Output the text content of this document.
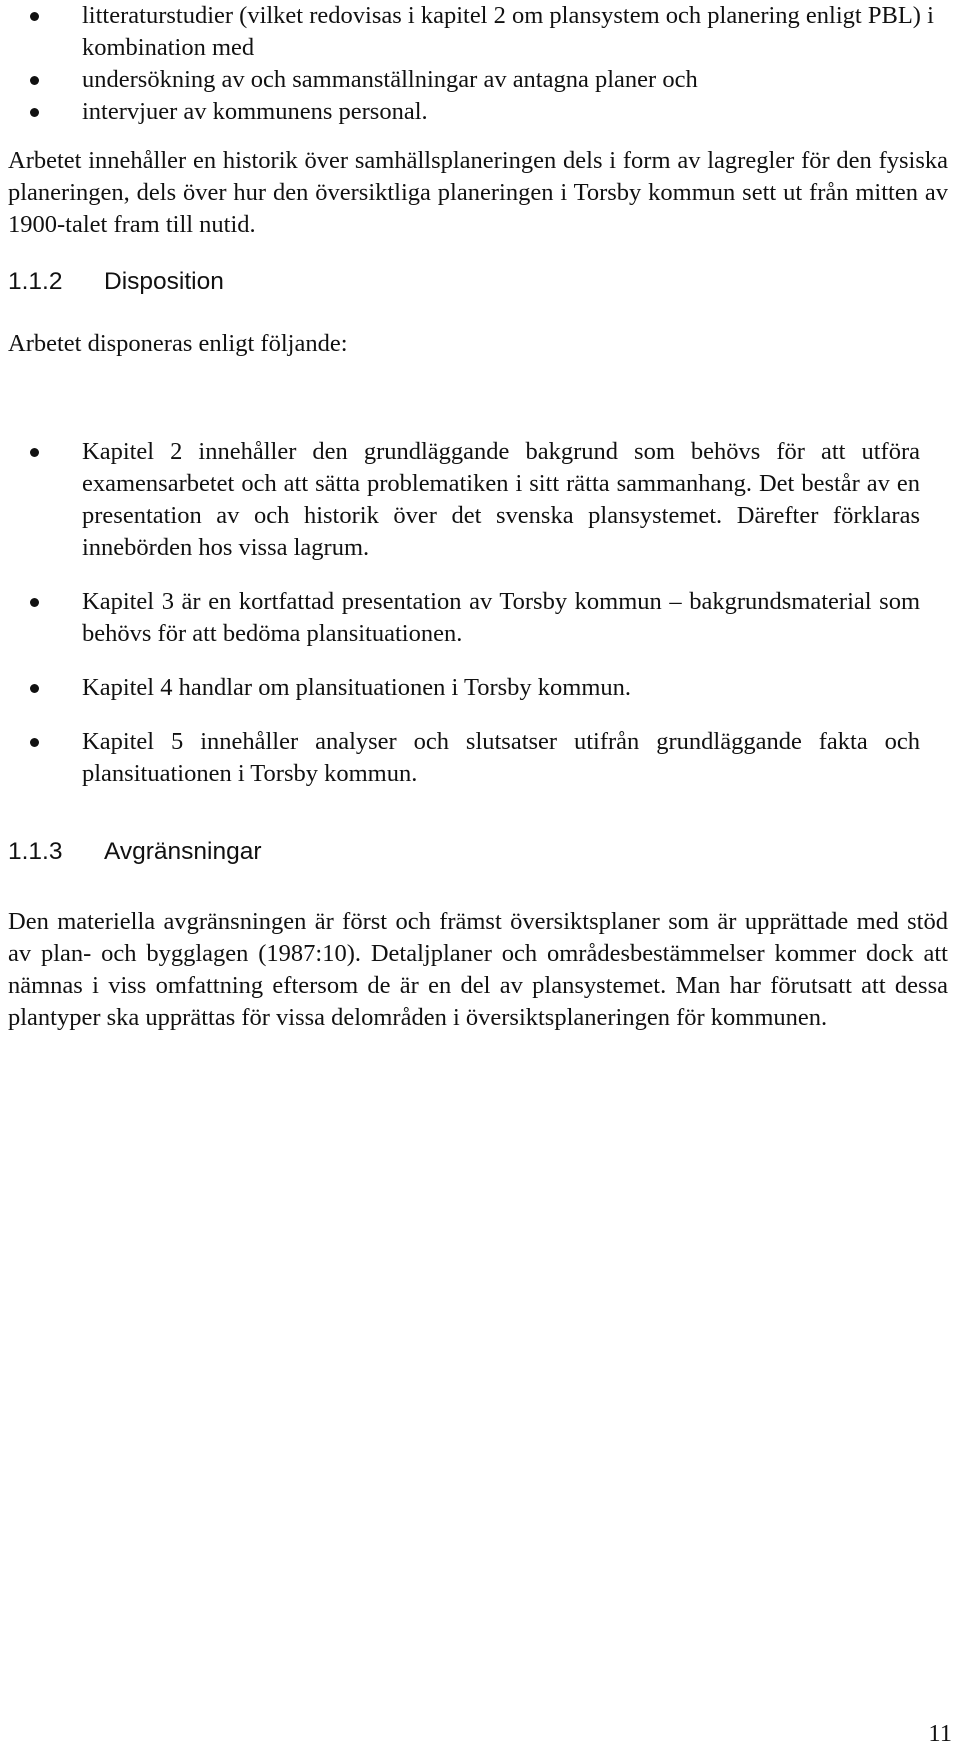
litteraturstudier (vilket redovisas i kapitel 2 om plansystem och planering enligt PBL) i kombination med
undersökning av och sammanställningar av antagna planer och
intervjuer av kommunens personal.

Arbetet innehåller en historik över samhällsplaneringen dels i form av lagregler för den fysiska planeringen, dels över hur den översiktliga planeringen i Torsby kommun sett ut från mitten av 1900-talet fram till nutid.

1.1.2 Disposition

Arbetet disponeras enligt följande:

Kapitel 2 innehåller den grundläggande bakgrund som behövs för att utföra examensarbetet och att sätta problematiken i sitt rätta sammanhang. Det består av en presentation av och historik över det svenska plansystemet. Därefter förklaras innebörden hos vissa lagrum.
Kapitel 3 är en kortfattad presentation av Torsby kommun – bakgrundsmaterial som behövs för att bedöma plansituationen.
Kapitel 4 handlar om plansituationen i Torsby kommun.
Kapitel 5 innehåller analyser och slutsatser utifrån grundläggande fakta och plansituationen i Torsby kommun.
1.1.3 Avgränsningar

Den materiella avgränsningen är först och främst översiktsplaner som är upprättade med stöd av plan- och bygglagen (1987:10). Detaljplaner och områdesbestämmelser kommer dock att nämnas i viss omfattning eftersom de är en del av plansystemet. Man har förutsatt att dessa plantyper ska upprättas för vissa delområden i översiktsplaneringen för kommunen.

11
